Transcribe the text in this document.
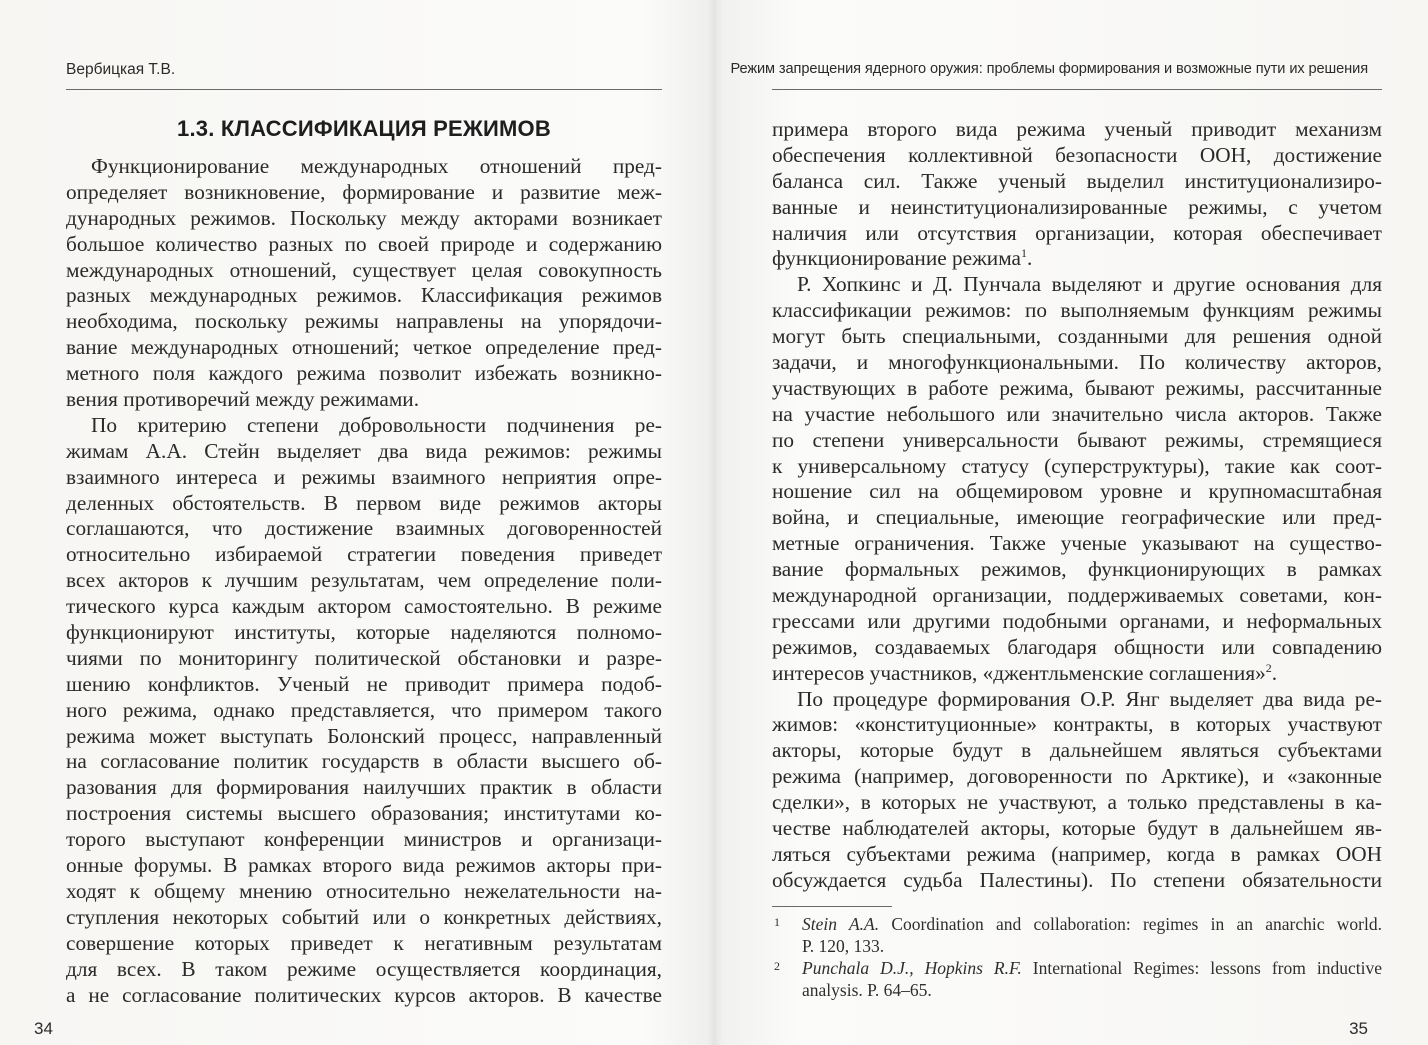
Вербицкая Т.В.
1.3. КЛАССИФИКАЦИЯ РЕЖИМОВ
Функционирование международных отношений пред-
определяет возникновение, формирование и развитие меж-
дународных режимов. Поскольку между акторами возникает
большое количество разных по своей природе и содержанию
международных отношений, существует целая совокупность
разных международных режимов. Классификация режимов
необходима, поскольку режимы направлены на упорядочи-
вание международных отношений; четкое определение пред-
метного поля каждого режима позволит избежать возникно-
вения противоречий между режимами.
По критерию степени добровольности подчинения ре-
жимам А.А. Стейн выделяет два вида режимов: режимы
взаимного интереса и режимы взаимного неприятия опре-
деленных обстоятельств. В первом виде режимов акторы
соглашаются, что достижение взаимных договоренностей
относительно избираемой стратегии поведения приведет
всех акторов к лучшим результатам, чем определение поли-
тического курса каждым актором самостоятельно. В режиме
функционируют институты, которые наделяются полномо-
чиями по мониторингу политической обстановки и разре-
шению конфликтов. Ученый не приводит примера подоб-
ного режима, однако представляется, что примером такого
режима может выступать Болонский процесс, направленный
на согласование политик государств в области высшего об-
разования для формирования наилучших практик в области
построения системы высшего образования; институтами ко-
торого выступают конференции министров и организаци-
онные форумы. В рамках второго вида режимов акторы при-
ходят к общему мнению относительно нежелательности на-
ступления некоторых событий или о конкретных действиях,
совершение которых приведет к негативным результатам
для всех. В таком режиме осуществляется координация,
а не согласование политических курсов акторов. В качестве
34
Режим запрещения ядерного оружия: проблемы формирования и возможные пути их решения
примера второго вида режима ученый приводит механизм
обеспечения коллективной безопасности ООН, достижение
баланса сил. Также ученый выделил институционализиро-
ванные и неинституционализированные режимы, с учетом
наличия или отсутствия организации, которая обеспечивает
функционирование режима$^1$.
Р. Хопкинс и Д. Пунчала выделяют и другие основания для
классификации режимов: по выполняемым функциям режимы
могут быть специальными, созданными для решения одной
задачи, и многофункциональными. По количеству акторов,
участвующих в работе режима, бывают режимы, рассчитанные
на участие небольшого или значительно числа акторов. Также
по степени универсальности бывают режимы, стремящиеся
к универсальному статусу (суперструктуры), такие как соот-
ношение сил на общемировом уровне и крупномасштабная
война, и специальные, имеющие географические или пред-
метные ограничения. Также ученые указывают на существо-
вание формальных режимов, функционирующих в рамках
международной организации, поддерживаемых советами, кон-
грессами или другими подобными органами, и неформальных
режимов, создаваемых благодаря общности или совпадению
интересов участников, «джентльменские соглашения»$^2$.
По процедуре формирования О.Р. Янг выделяет два вида ре-
жимов: «конституционные» контракты, в которых участвуют
акторы, которые будут в дальнейшем являться субъектами
режима (например, договоренности по Арктике), и «законные
сделки», в которых не участвуют, а только представлены в ка-
честве наблюдателей акторы, которые будут в дальнейшем яв-
ляться субъектами режима (например, когда в рамках ООН
обсуждается судьба Палестины). По степени обязательности
1 Stein A.A. Coordination and collaboration: regimes in an anarchic world.
P. 120, 133.
2 Punchala D.J., Hopkins R.F. International Regimes: lessons from inductive
analysis. P. 64–65.
35
